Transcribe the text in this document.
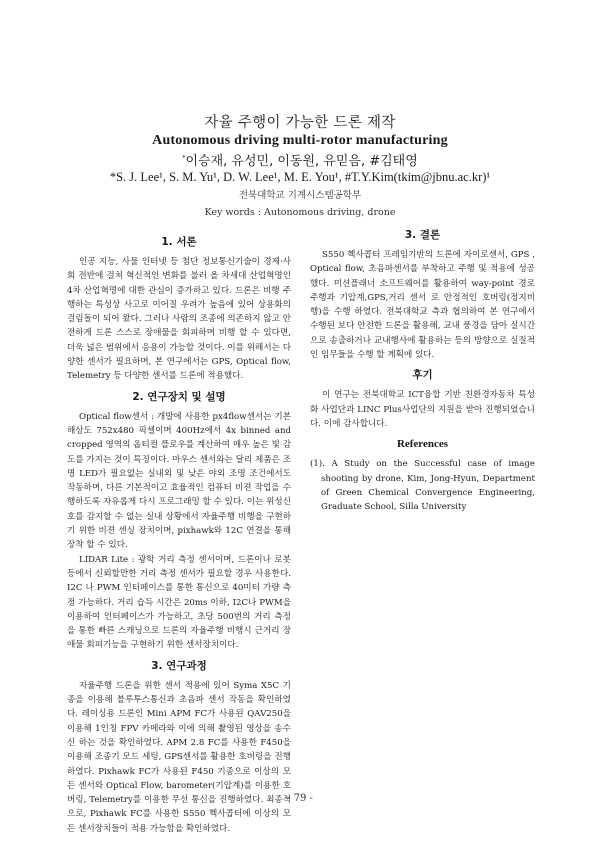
자율 주행이 가능한 드론 제작
Autonomous driving multi-rotor manufacturing
*이승재, 유성민, 이동원, 유믿음, #김태영
*S. J. Lee¹, S. M. Yu¹, D. W. Lee¹, M. E. You¹, #T.Y.Kim(tkim@jbnu.ac.kr)¹
전북대학교 기계시스템공학부
Key words : Autonomous driving, drone
1. 서론

인공 지능, 사물 인터넷 등 첨단 정보통신기술이 경제·사회 전반에 걸쳐 혁신적인 변화를 불러 올 차세대 산업혁명인 4차 산업혁명에 대한 관심이 증가하고 있다. 드론은 비행 주행하는 특성상 사고로 이어질 우려가 높음에 있어 상용화의 걸림돌이 되어 왔다. 그러나 사람의 조종에 의존하지 않고 안전하게 드론 스스로 장애물을 회피하며 비행 할 수 있다면, 더욱 넓은 범위에서 응용이 가능할 것이다. 이를 위해서는 다양한 센서가 필요하며, 본 연구에서는 GPS, Optical flow, Telemetry 등 다양한 센서를 드론에 적용했다.

2. 연구장치 및 설명

Optical flow센서 : 개발에 사용한 px4flow센서는 기본해상도 752x480 픽셀이며 400Hz에서 4x binned and cropped 영역의 옵티컬 플로우를 계산하여 매우 높은 빛 감도를 가지는 것이 특징이다. 마우스 센서와는 달리 제품은 조명 LED가 필요없는 실내외 및 낮은 야외 조명 조건에서도 작동하며, 다른 기본적이고 효율적인 컴퓨터 비젼 작업을 수행하도록 자유롭게 다시 프로그래밍 할 수 있다. 이는 위성신호를 감지할 수 없는 실내 상황에서 자율주행 비행을 구현하기 위한 비젼 센싱 장치이며, pixhawk와 12C 연결을 통해 장착 할 수 있다.

LIDAR Lite : 광학 거리 측정 센서이며, 드론이나 로봇 등에서 신뢰할만한 거리 측정 센서가 필요할 경우 사용한다. I2C 나 PWM 인터페이스를 통한 통신으로 40미터 가량 측정 가능하다. 거리 습득 시간은 20ms 이하, I2C나 PWM을 이용하여 인터페이스가 가능하고, 초당 500번의 거리 측정을 통한 빠른 스캐닝으로 드론의 자율주행 비행시 근거리 장애물 회피기능을 구현하기 위한 센서장치이다.

3. 연구과정

자율주행 드론을 위한 센서 적용에 있어 Syma X5C 기종을 이용해 블루투스통신과 초음파 센서 작동을 확인하였다. 레이싱용 드론인 Mini APM FC가 사용된 QAV250을 이용해 1인칭 FPV 카메라와 이에 의해 촬영된 영상을 송수신 하는 것을 확인하였다. APM 2.8 FC를 사용한 F450을 이용해 조종기 모드 세팅, GPS센서를 활용한 호버링을 진행하였다. Pixhawk FC가 사용된 F450 기종으로 이상의 모든 센서와 Optical Flow, barometer(기압계)를 이용한 호버링, Telemetry를 이용한 무선 통신을 진행하였다. 최종적으로, Pixhawk FC를 사용한 S550 헥사콥터에 이상의 모든 센서장치들이 적용 가능함을 확인하였다.

3. 결론

S550 헥사콥터 프레임기반의 드론에 자이로센서, GPS , Optical flow, 초음파센서를 부착하고 주행 및 적용에 성공했다. 미션플래너 소프트웨어를 활용하여 way-point 경로 주행과 기압계,GPS,거리 센서 로 안정적인 호버링(정지비행)을 수행 하였다. 전북대학교 측과 협의하여 본 연구에서 수행된 보다 안전한 드론을 활용해, 교내 풍경을 담아 실시간으로 송출하거나 교내행사에 활용하는 등의 방향으로 실질적인 임무들을 수행 할 계획에 있다.

후기

이 연구는 전북대학교 ICT융합 기반 친환경자동차 특성화 사업단과 LINC Plus사업단의 지원을 받아 진행되었습니다. 이에 감사합니다.

References

(1). A Study on the Successful case of image shooting by drone, Kim, Jong-Hyun, Department of Green Chemical Convergence Engineering, Graduate School, Silla University

- 79 -
